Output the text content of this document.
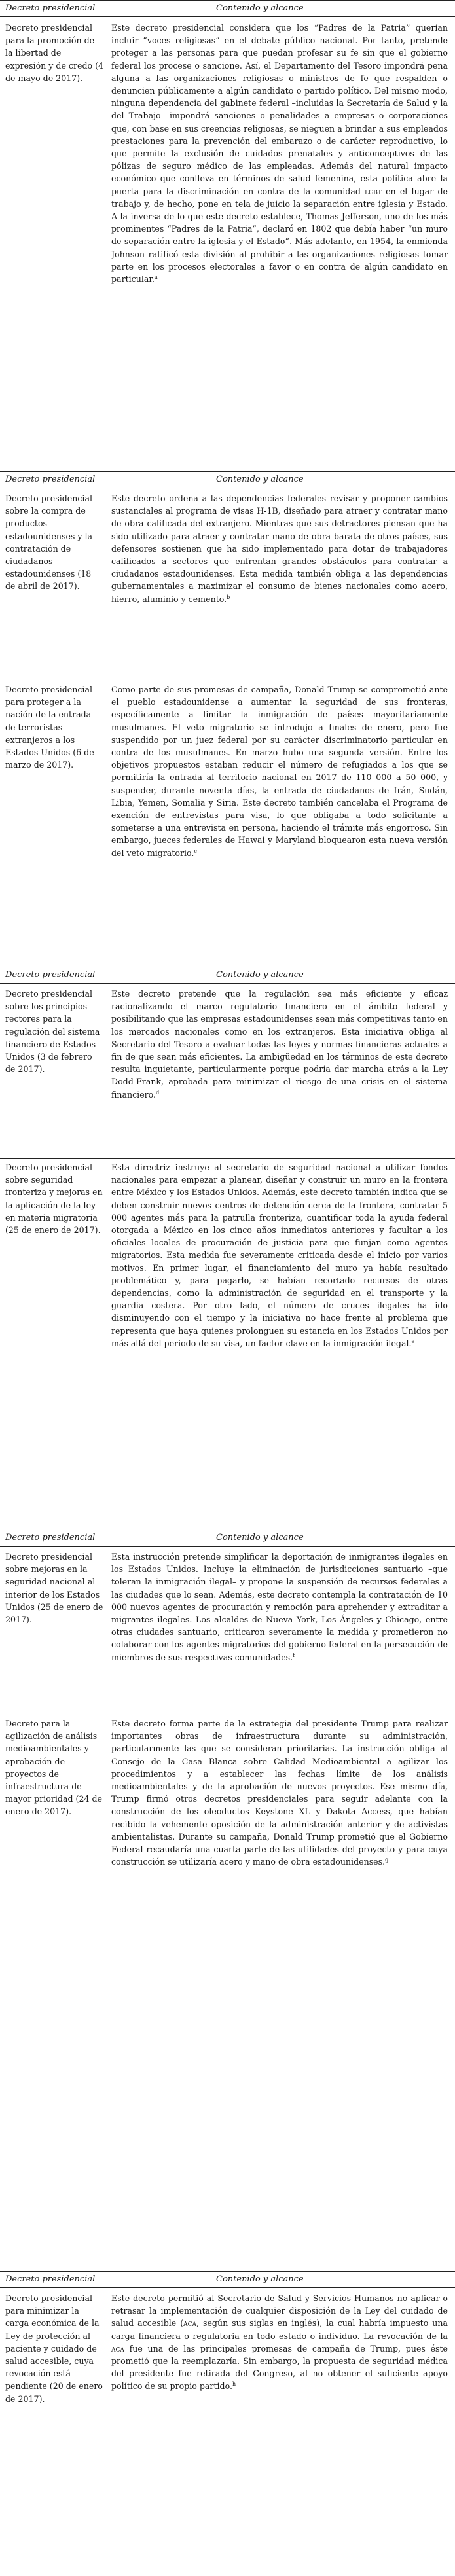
Decreto presidencial	Contenido y alcance
Decreto presidencial para la promoción de la libertad de expresión y de credo (4 de mayo de 2017).
Este decreto presidencial considera que los “Padres de la Patria” querían incluir “voces religiosas” en el debate público nacional. Por tanto, pretende proteger a las personas para que puedan profesar su fe sin que el gobierno federal los procese o sancione. Así, el Departamento del Tesoro impondrá pena alguna a las organizaciones religiosas o ministros de fe que respalden o denuncien públicamente a algún candidato o partido político. Del mismo modo, ninguna dependencia del gabinete federal –incluidas la Secretaría de Salud y la del Trabajo– impondrá sanciones o penalidades a empresas o corporaciones que, con base en sus creencias religiosas, se nieguen a brindar a sus empleados prestaciones para la prevención del embarazo o de carácter reproductivo, lo que permite la exclusión de cuidados prenatales y anticonceptivos de las pólizas de seguro médico de las empleadas. Además del natural impacto económico que conlleva en términos de salud femenina, esta política abre la puerta para la discriminación en contra de la comunidad lgbt en el lugar de trabajo y, de hecho, pone en tela de juicio la separación entre iglesia y Estado. A la inversa de lo que este decreto establece, Thomas Jefferson, uno de los más prominentes “Padres de la Patria”, declaró en 1802 que debía haber “un muro de separación entre la iglesia y el Estado”. Más adelante, en 1954, la enmienda Johnson ratificó esta división al prohibir a las organizaciones religiosas tomar parte en los procesos electorales a favor o en contra de algún candidato en particular.$^a$
Decreto presidencial	Contenido y alcance
Decreto presidencial sobre la compra de productos estadounidenses y la contratación de ciudadanos estadounidenses (18 de abril de 2017).
Este decreto ordena a las dependencias federales revisar y proponer cambios sustanciales al programa de visas H-1B, diseñado para atraer y contratar mano de obra calificada del extranjero. Mientras que sus detractores piensan que ha sido utilizado para atraer y contratar mano de obra barata de otros países, sus defensores sostienen que ha sido implementado para dotar de trabajadores calificados a sectores que enfrentan grandes obstáculos para contratar a ciudadanos estadounidenses. Esta medida también obliga a las dependencias gubernamentales a maximizar el consumo de bienes nacionales como acero, hierro, aluminio y cemento.$^b$
Decreto presidencial para proteger a la nación de la entrada de terroristas extranjeros a los Estados Unidos (6 de marzo de 2017).
Como parte de sus promesas de campaña, Donald Trump se comprometió ante el pueblo estadounidense a aumentar la seguridad de sus fronteras, específicamente a limitar la inmigración de países mayoritariamente musulmanes. El veto migratorio se introdujo a finales de enero, pero fue suspendido por un juez federal por su carácter discriminatorio particular en contra de los musulmanes. En marzo hubo una segunda versión. Entre los objetivos propuestos estaban reducir el número de refugiados a los que se permitiría la entrada al territorio nacional en 2017 de 110 000 a 50 000, y suspender, durante noventa días, la entrada de ciudadanos de Irán, Sudán, Libia, Yemen, Somalia y Siria. Este decreto también cancelaba el Programa de exención de entrevistas para visa, lo que obligaba a todo solicitante a someterse a una entrevista en persona, haciendo el trámite más engorroso. Sin embargo, jueces federales de Hawai y Maryland bloquearon esta nueva versión del veto migratorio.$^c$
Decreto presidencial	Contenido y alcance
Decreto presidencial sobre los principios rectores para la regulación del sistema financiero de Estados Unidos (3 de febrero de 2017).
Este decreto pretende que la regulación sea más eficiente y eficaz racionalizando el marco regulatorio financiero en el ámbito federal y posibilitando que las empresas estadounidenses sean más competitivas tanto en los mercados nacionales como en los extranjeros. Esta iniciativa obliga al Secretario del Tesoro a evaluar todas las leyes y normas financieras actuales a fin de que sean más eficientes. La ambigüedad en los términos de este decreto resulta inquietante, particularmente porque podría dar marcha atrás a la Ley Dodd-Frank, aprobada para minimizar el riesgo de una crisis en el sistema financiero.$^d$
Decreto presidencial sobre seguridad fronteriza y mejoras en la aplicación de la ley en materia migratoria (25 de enero de 2017).
Esta directriz instruye al secretario de seguridad nacional a utilizar fondos nacionales para empezar a planear, diseñar y construir un muro en la frontera entre México y los Estados Unidos. Además, este decreto también indica que se deben construir nuevos centros de detención cerca de la frontera, contratar 5 000 agentes más para la patrulla fronteriza, cuantificar toda la ayuda federal otorgada a México en los cinco años inmediatos anteriores y facultar a los oficiales locales de procuración de justicia para que funjan como agentes migratorios. Esta medida fue severamente criticada desde el inicio por varios motivos. En primer lugar, el financiamiento del muro ya había resultado problemático y, para pagarlo, se habían recortado recursos de otras dependencias, como la administración de seguridad en el transporte y la guardia costera. Por otro lado, el número de cruces ilegales ha ido disminuyendo con el tiempo y la iniciativa no hace frente al problema que representa que haya quienes prolonguen su estancia en los Estados Unidos por más allá del periodo de su visa, un factor clave en la inmigración ilegal.$^e$
Decreto presidencial	Contenido y alcance
Decreto presidencial sobre mejoras en la seguridad nacional al interior de los Estados Unidos (25 de enero de 2017).
Esta instrucción pretende simplificar la deportación de inmigrantes ilegales en los Estados Unidos. Incluye la eliminación de jurisdicciones santuario –que toleran la inmigración ilegal– y propone la suspensión de recursos federales a las ciudades que lo sean. Además, este decreto contempla la contratación de 10 000 nuevos agentes de procuración y remoción para aprehender y extraditar a migrantes ilegales. Los alcaldes de Nueva York, Los Ángeles y Chicago, entre otras ciudades santuario, criticaron severamente la medida y prometieron no colaborar con los agentes migratorios del gobierno federal en la persecución de miembros de sus respectivas comunidades.$^f$
Decreto para la agilización de análisis medioambientales y aprobación de proyectos de infraestructura de mayor prioridad (24 de enero de 2017).
Este decreto forma parte de la estrategia del presidente Trump para realizar importantes obras de infraestructura durante su administración, particularmente las que se consideran prioritarias. La instrucción obliga al Consejo de la Casa Blanca sobre Calidad Medioambiental a agilizar los procedimientos y a establecer las fechas límite de los análisis medioambientales y de la aprobación de nuevos proyectos. Ese mismo día, Trump firmó otros decretos presidenciales para seguir adelante con la construcción de los oleoductos Keystone XL y Dakota Access, que habían recibido la vehemente oposición de la administración anterior y de activistas ambientalistas. Durante su campaña, Donald Trump prometió que el Gobierno Federal recaudaría una cuarta parte de las utilidades del proyecto y para cuya construcción se utilizaría acero y mano de obra estadounidenses.$^g$
Decreto presidencial	Contenido y alcance
Decreto presidencial para minimizar la carga económica de la Ley de protección al paciente y cuidado de salud accesible, cuya revocación está pendiente (20 de enero de 2017).
Este decreto permitió al Secretario de Salud y Servicios Humanos no aplicar o retrasar la implementación de cualquier disposición de la Ley del cuidado de salud accesible (aca, según sus siglas en inglés), la cual habría impuesto una carga financiera o regulatoria en todo estado o individuo. La revocación de la aca fue una de las principales promesas de campaña de Trump, pues éste prometió que la reemplazaría. Sin embargo, la propuesta de seguridad médica del presidente fue retirada del Congreso, al no obtener el suficiente apoyo político de su propio partido.$^h$
